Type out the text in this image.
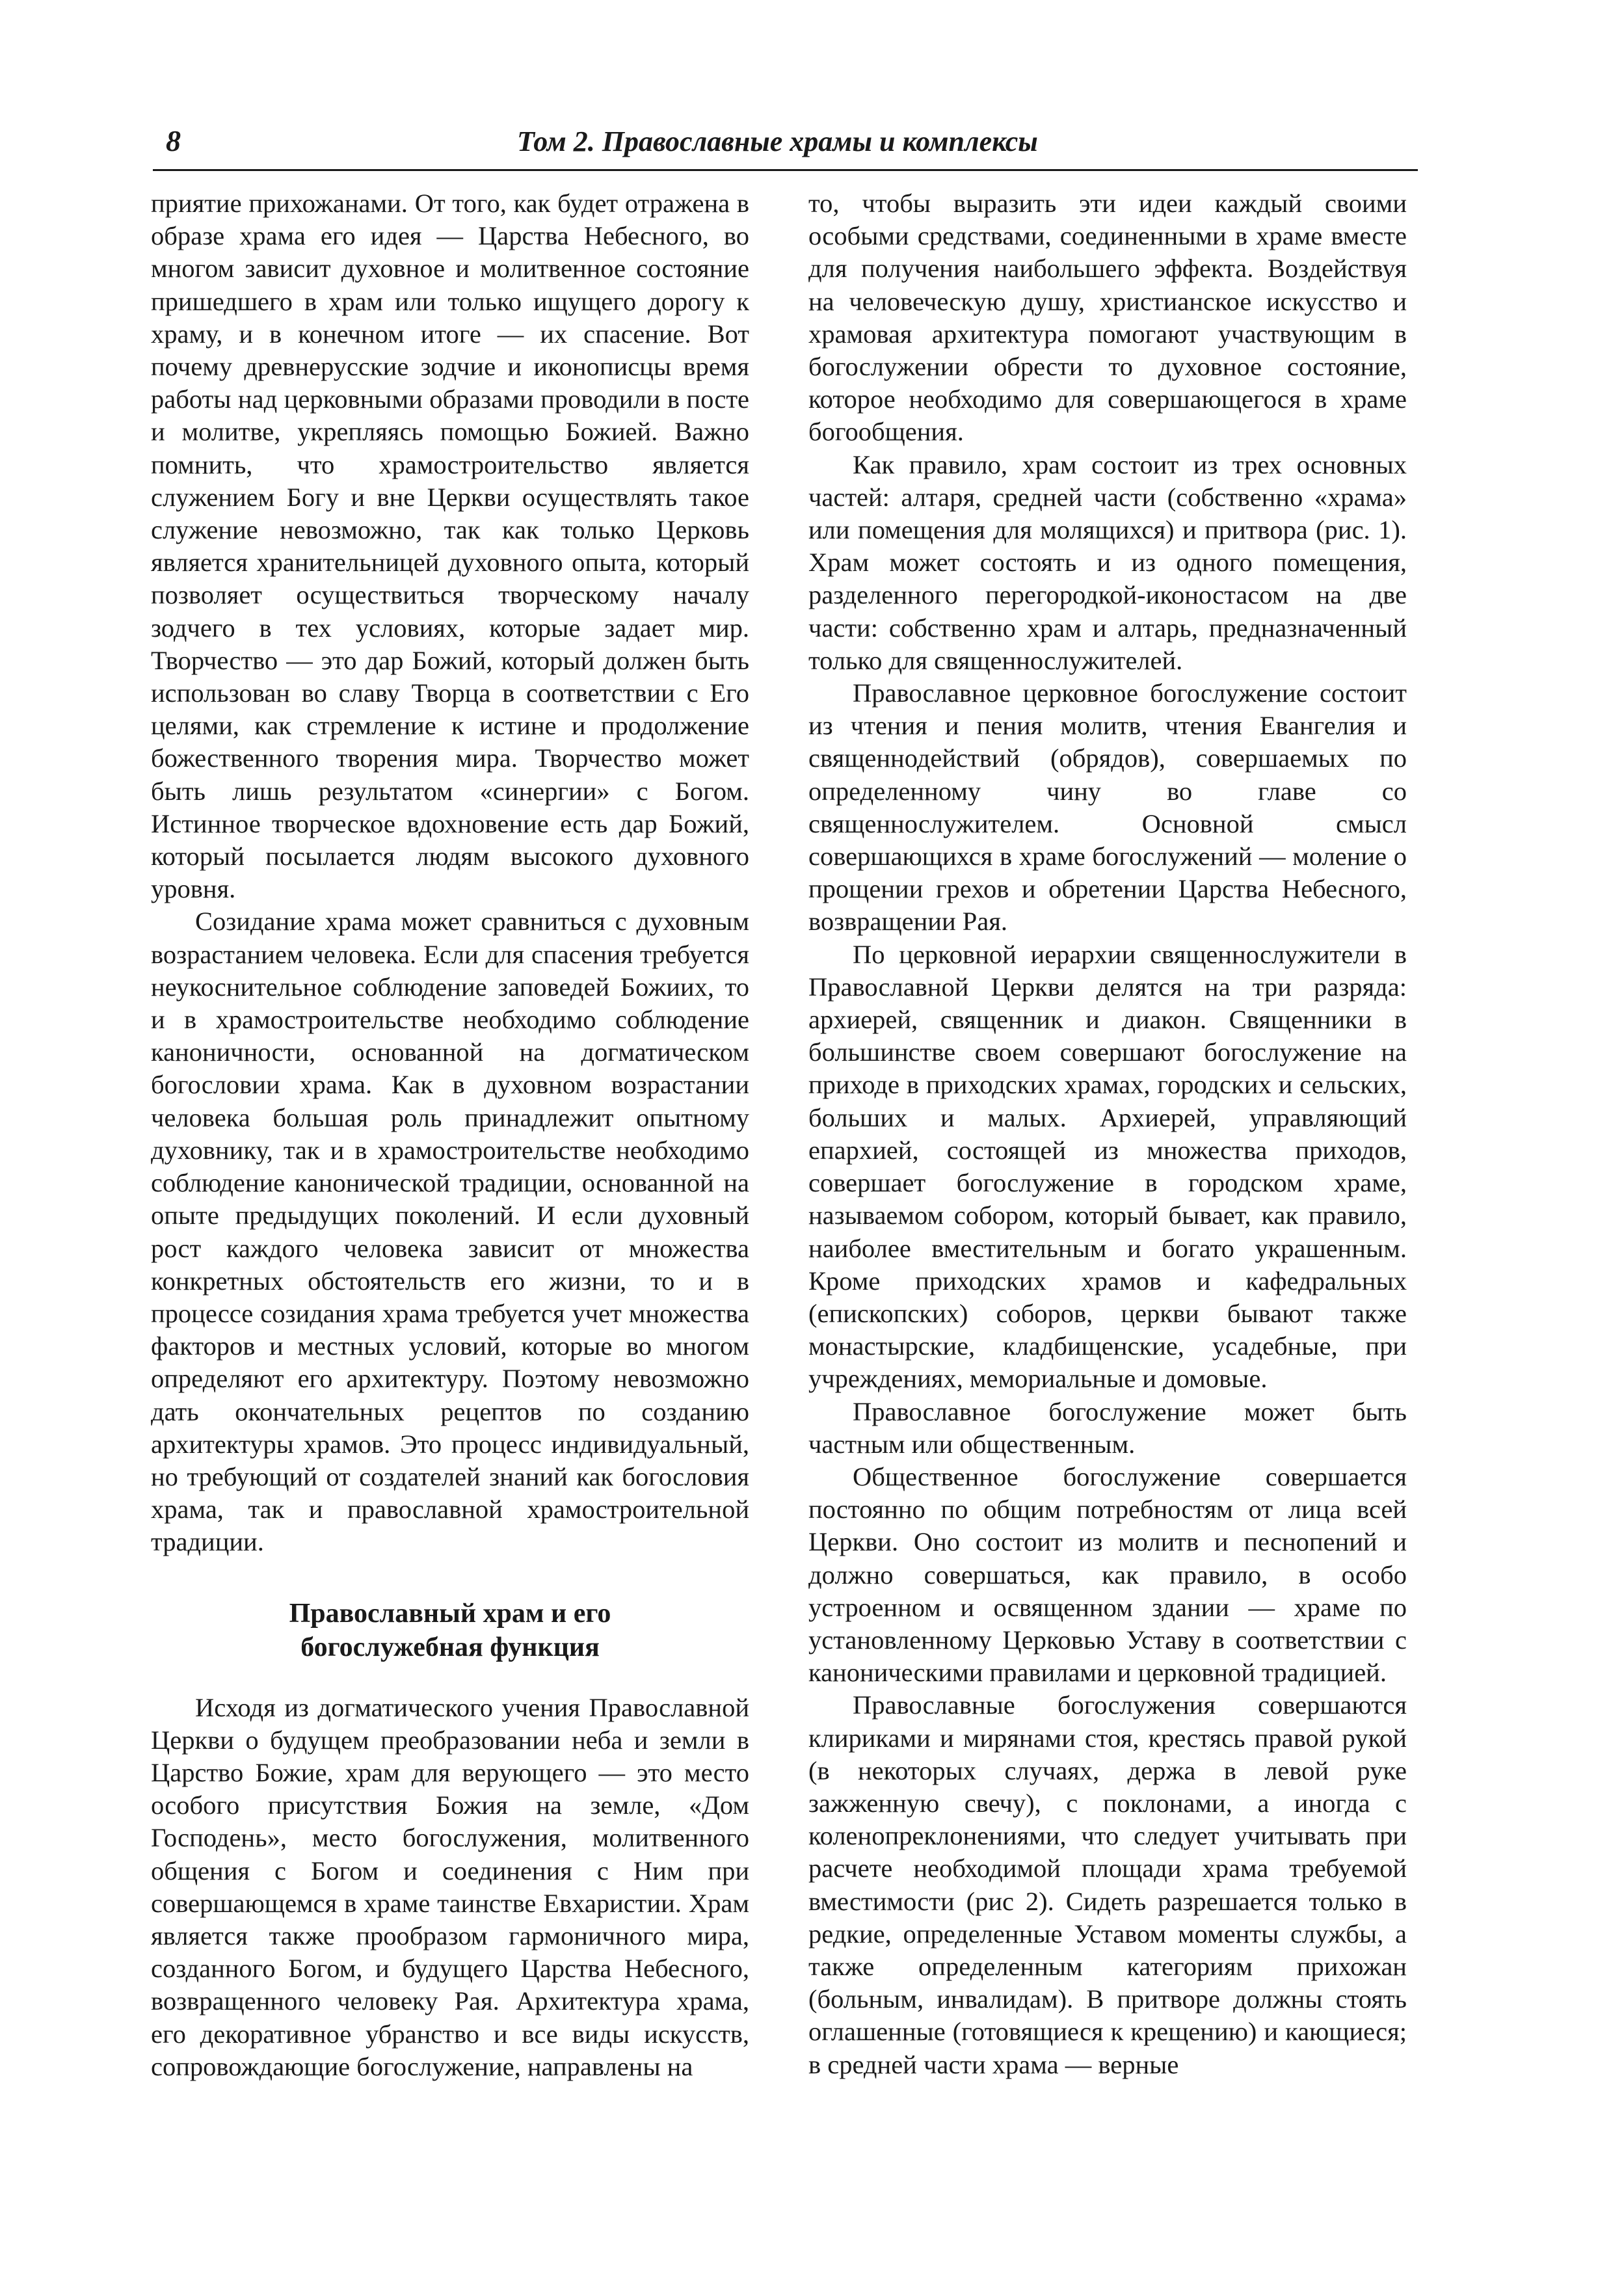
8	Том 2. Православные храмы и комплексы

приятие прихожанами. От того, как будет отражена в образе храма его идея — Царства Небесного, во многом зависит духовное и молитвенное состояние пришедшего в храм или только ищущего дорогу к храму, и в конечном итоге — их спасение. Вот почему древнерусские зодчие и иконописцы время работы над церковными образами проводили в посте и молитве, укрепляясь помощью Божией. Важно помнить, что храмостроительство является служением Богу и вне Церкви осуществлять такое служение невозможно, так как только Церковь является хранительницей духовного опыта, который позволяет осуществиться творческому началу зодчего в тех условиях, которые задает мир. Творчество — это дар Божий, который должен быть использован во славу Творца в соответствии с Его целями, как стремление к истине и продолжение божественного творения мира. Творчество может быть лишь результатом «синергии» с Богом. Истинное творческое вдохновение есть дар Божий, который посылается людям высокого духовного уровня.

Созидание храма может сравниться с духовным возрастанием человека. Если для спасения требуется неукоснительное соблюдение заповедей Божиих, то и в храмостроительстве необходимо соблюдение каноничности, основанной на догматическом богословии храма. Как в духовном возрастании человека большая роль принадлежит опытному духовнику, так и в храмостроительстве необходимо соблюдение канонической традиции, основанной на опыте предыдущих поколений. И если духовный рост каждого человека зависит от множества конкретных обстоятельств его жизни, то и в процессе созидания храма требуется учет множества факторов и местных условий, которые во многом определяют его архитектуру. Поэтому невозможно дать окончательных рецептов по созданию архитектуры храмов. Это процесс индивидуальный, но требующий от создателей знаний как богословия храма, так и православной храмостроительной традиции.

Православный храм и его
богослужебная функция

Исходя из догматического учения Православной Церкви о будущем преобразовании неба и земли в Царство Божие, храм для верующего — это место особого присутствия Божия на земле, «Дом Господень», место богослужения, молитвенного общения с Богом и соединения с Ним при совершающемся в храме таинстве Евхаристии. Храм является также прообразом гармоничного мира, созданного Богом, и будущего Царства Небесного, возвращенного человеку Рая. Архитектура храма, его декоративное убранство и все виды искусств, сопровождающие богослужение, направлены на

то, чтобы выразить эти идеи каждый своими особыми средствами, соединенными в храме вместе для получения наибольшего эффекта. Воздействуя на человеческую душу, христианское искусство и храмовая архитектура помогают участвующим в богослужении обрести то духовное состояние, которое необходимо для совершающегося в храме богообщения.

Как правило, храм состоит из трех основных частей: алтаря, средней части (собственно «храма» или помещения для молящихся) и притвора (рис. 1). Храм может состоять и из одного помещения, разделенного перегородкой-иконостасом на две части: собственно храм и алтарь, предназначенный только для священнослужителей.

Православное церковное богослужение состоит из чтения и пения молитв, чтения Евангелия и священнодействий (обрядов), совершаемых по определенному чину во главе со священнослужителем. Основной смысл совершающихся в храме богослужений — моление о прощении грехов и обретении Царства Небесного, возвращении Рая.

По церковной иерархии священнослужители в Православной Церкви делятся на три разряда: архиерей, священник и диакон. Священники в большинстве своем совершают богослужение на приходе в приходских храмах, городских и сельских, больших и малых. Архиерей, управляющий епархией, состоящей из множества приходов, совершает богослужение в городском храме, называемом собором, который бывает, как правило, наиболее вместительным и богато украшенным. Кроме приходских храмов и кафедральных (епископских) соборов, церкви бывают также монастырские, кладбищенские, усадебные, при учреждениях, мемориальные и домовые.

Православное богослужение может быть частным или общественным.

Общественное богослужение совершается постоянно по общим потребностям от лица всей Церкви. Оно состоит из молитв и песнопений и должно совершаться, как правило, в особо устроенном и освященном здании — храме по установленному Церковью Уставу в соответствии с каноническими правилами и церковной традицией.

Православные богослужения совершаются клириками и мирянами стоя, крестясь правой рукой (в некоторых случаях, держа в левой руке зажженную свечу), с поклонами, а иногда с коленопреклонениями, что следует учитывать при расчете необходимой площади храма требуемой вместимости (рис 2). Сидеть разрешается только в редкие, определенные Уставом моменты службы, а также определенным категориям прихожан (больным, инвалидам). В притворе должны стоять оглашенные (готовящиеся к крещению) и кающиеся; в средней части храма — верные
